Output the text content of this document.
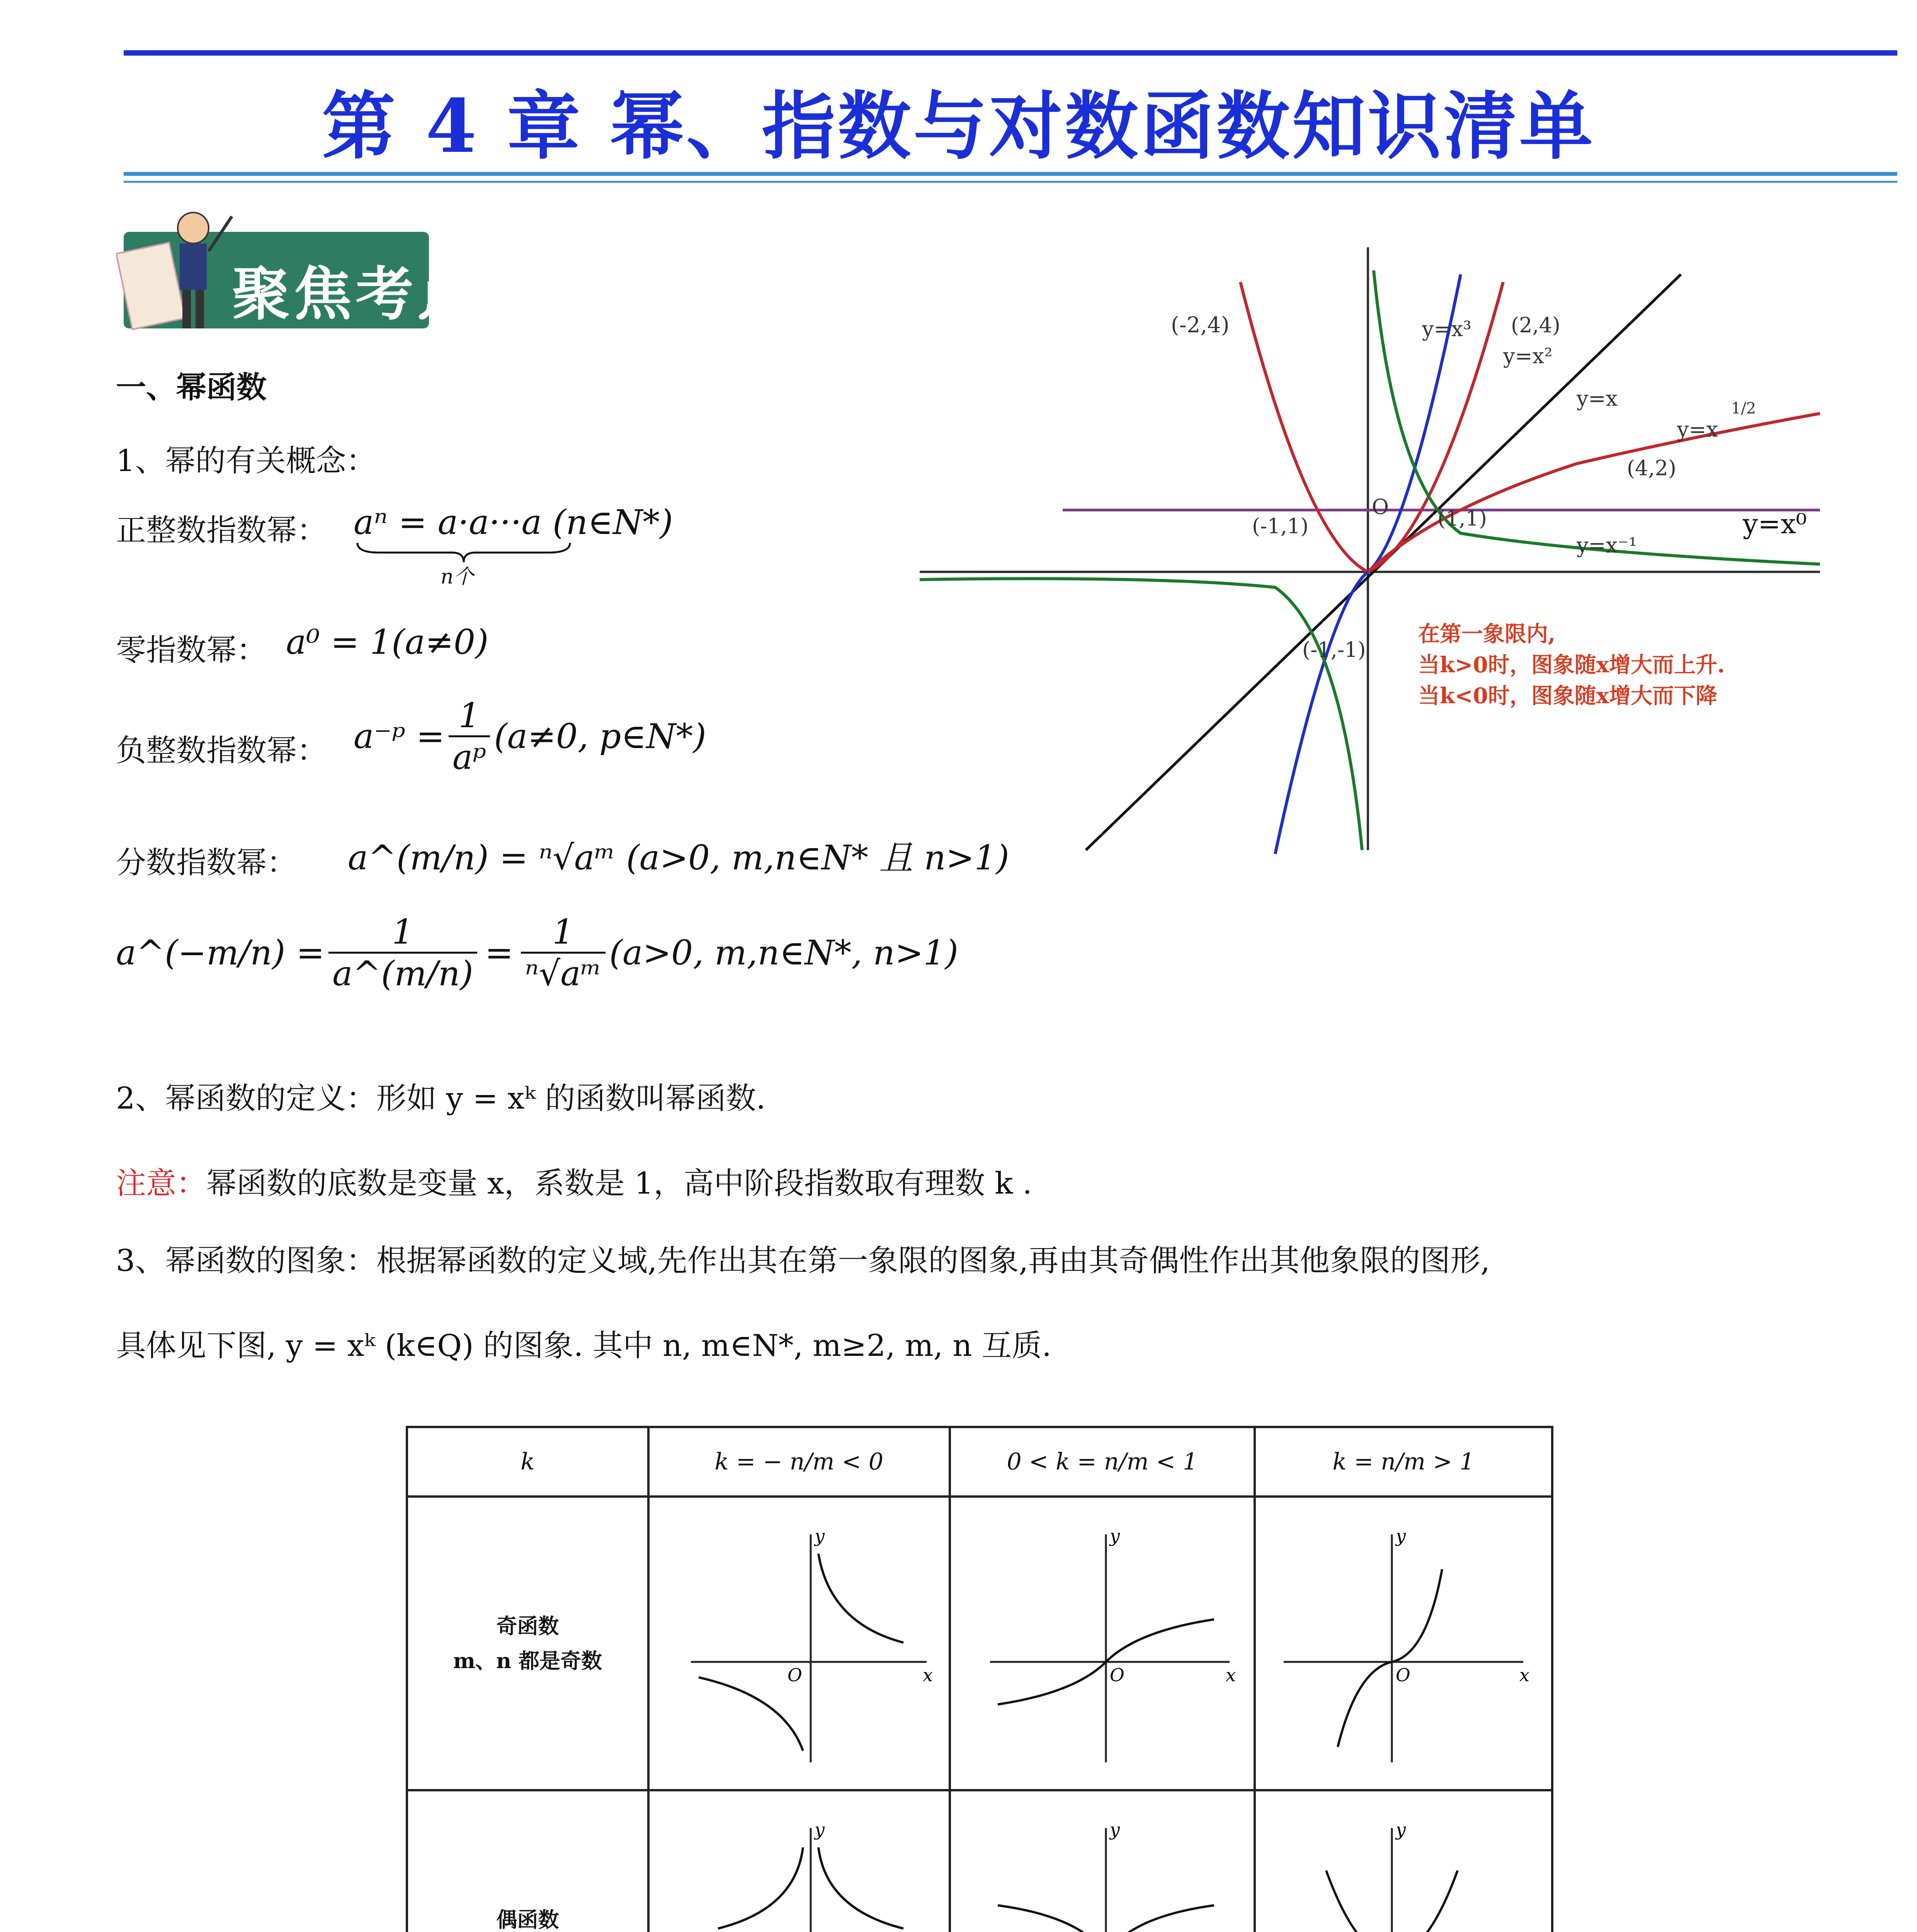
第 4 章 幂、指数与对数函数知识清单
聚焦考点
一、幂函数
1、幂的有关概念：
正整数指数幂： aⁿ = a·a···a (n∈N*)
n个
零指数幂： a⁰ = 1(a≠0)
负整数指数幂： a⁻ᵖ = $\frac{1}{\text{aᵖ}} (a\ne 0$, p∈N*)
分数指数幂： a^(m/n) = ⁿ√aᵐ (a>0, m,n∈N* 且 n>1)
a^(−m/n) = $\frac{1}{a\^{}(m/n)} = \frac{1}{\text{ⁿ√aᵐ}} (a>0$, m,n∈N*, n>1)
2、幂函数的定义：形如 y = xᵏ 的函数叫幂函数.
注意：幂函数的底数是变量 x，系数是 1，高中阶段指数取有理数 k .
3、幂函数的图象：根据幂函数的定义域,先作出其在第一象限的图象,再由其奇偶性作出其他象限的图形,
具体见下图, y = xᵏ (k∈Q) 的图象. 其中 n, m∈N*, m≥2, m, n 互质.
(-2,4)	y=x³ (2,4)
y=x²
y=x
y=x
1/2
(4,2)
(-1,1)	(1,1)	y=x⁰
y=x⁻¹
(-1,-1)
O
在第一象限内,
当k>0时，图象随x增大而上升.
当k<0时，图象随x增大而下降
k	k = − n/m < 0	0 < k = n/m < 1	k = n/m > 1
奇函数
m、n 都是奇数	y
x
O	y
x
O	y
x
O

偶函数	y	y	y
